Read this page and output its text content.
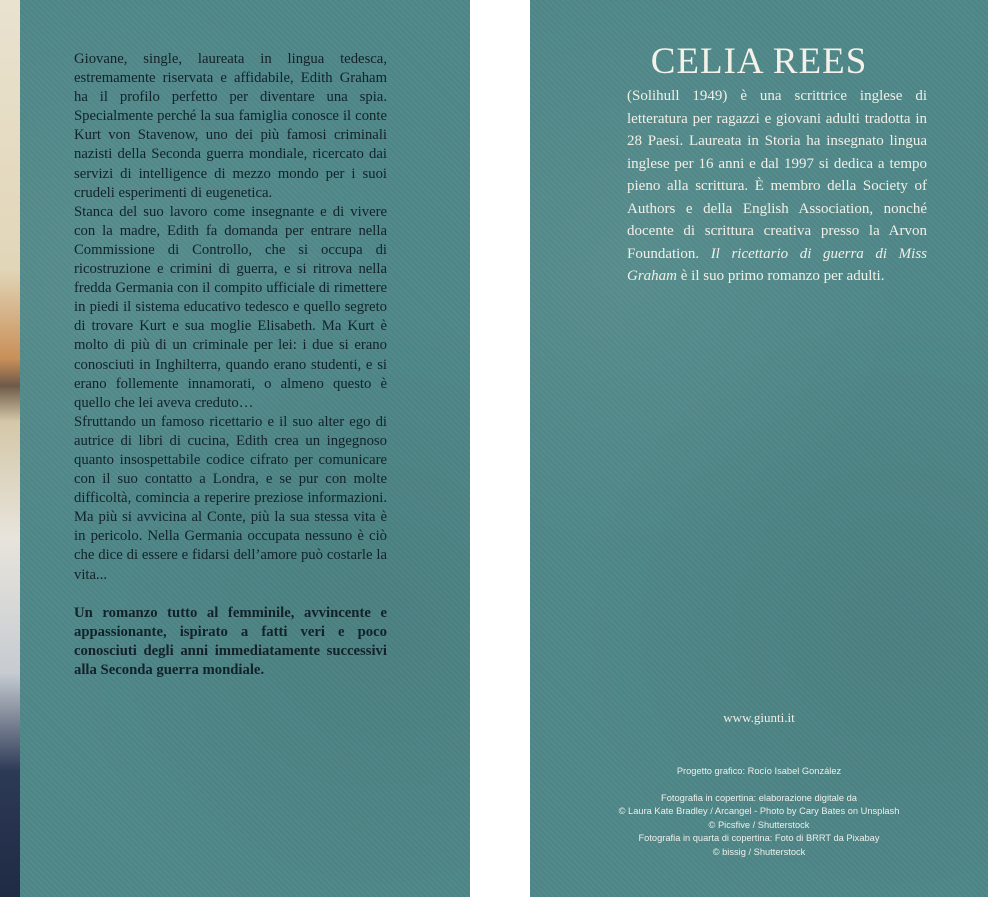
Giovane, single, laureata in lingua tedesca, estremamente riservata e affidabile, Edith Graham ha il profilo perfetto per diventare una spia. Specialmente perché la sua famiglia conosce il conte Kurt von Stavenow, uno dei più famosi criminali nazisti della Seconda guerra mondiale, ricercato dai servizi di intelligence di mezzo mondo per i suoi crudeli esperimenti di eugenetica.

Stanca del suo lavoro come insegnante e di vivere con la madre, Edith fa domanda per entrare nella Commissione di Controllo, che si occupa di ricostruzione e crimini di guerra, e si ritrova nella fredda Germania con il compito ufficiale di rimettere in piedi il sistema educativo tedesco e quello segreto di trovare Kurt e sua moglie Elisabeth. Ma Kurt è molto di più di un criminale per lei: i due si erano conosciuti in Inghilterra, quando erano studenti, e si erano follemente innamorati, o almeno questo è quello che lei aveva creduto…

Sfruttando un famoso ricettario e il suo alter ego di autrice di libri di cucina, Edith crea un ingegnoso quanto insospettabile codice cifrato per comunicare con il suo contatto a Londra, e se pur con molte difficoltà, comincia a reperire preziose informazioni. Ma più si avvicina al Conte, più la sua stessa vita è in pericolo. Nella Germania occupata nessuno è ciò che dice di essere e fidarsi dell’amore può costarle la vita...

Un romanzo tutto al femminile, avvincente e appassionante, ispirato a fatti veri e poco conosciuti degli anni immediatamente successivi alla Seconda guerra mondiale.

CELIA REES

(Solihull 1949) è una scrittrice inglese di letteratura per ragazzi e giovani adulti tradotta in 28 Paesi. Laureata in Storia ha insegnato lingua inglese per 16 anni e dal 1997 si dedica a tempo pieno alla scrittura. È membro della Society of Authors e della English Association, nonché docente di scrittura creativa presso la Arvon Foundation. Il ricettario di guerra di Miss Graham è il suo primo romanzo per adulti.

www.giunti.it
Progetto grafico: Rocío Isabel González
Fotografia in copertina: elaborazione digitale da
© Laura Kate Bradley / Arcangel - Photo by Cary Bates on Unsplash
© Picsfive / Shutterstock
Fotografia in quarta di copertina: Foto di BRRT da Pixabay
© bissig / Shutterstock
